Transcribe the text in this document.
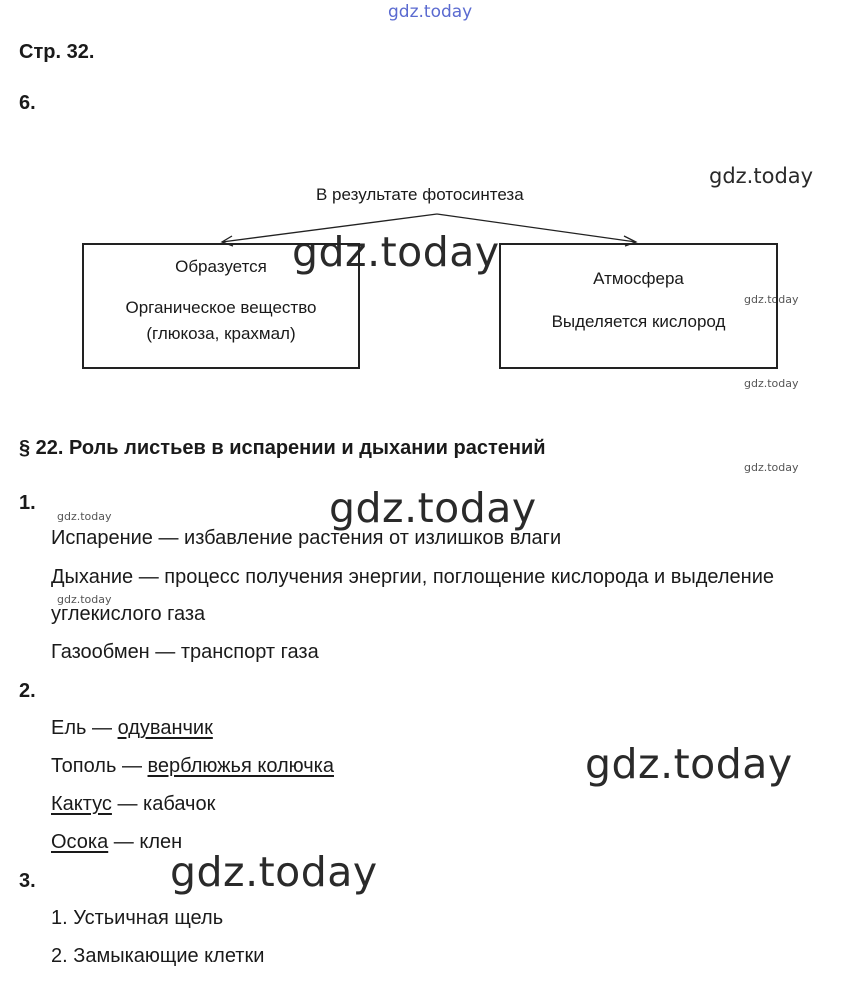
gdz.today
gdz.today
gdz.today
gdz.today
gdz.today
gdz.today
gdz.today
gdz.today
gdz.today
gdz.today
gdz.today
Стр. 32.
6.
В результате фотосинтеза
Образуется
Органическое вещество
(глюкоза, крахмал)
Атмосфера
Выделяется кислород
§ 22. Роль листьев в испарении и дыхании растений
1.
Испарение — избавление растения от излишков влаги
Дыхание — процесс получения энергии, поглощение кислорода и выделение
углекислого газа
Газообмен — транспорт газа
2.
Ель — одуванчик
Тополь — верблюжья колючка
Кактус — кабачок
Осока — клен
3.
1. Устьичная щель
2. Замыкающие клетки
